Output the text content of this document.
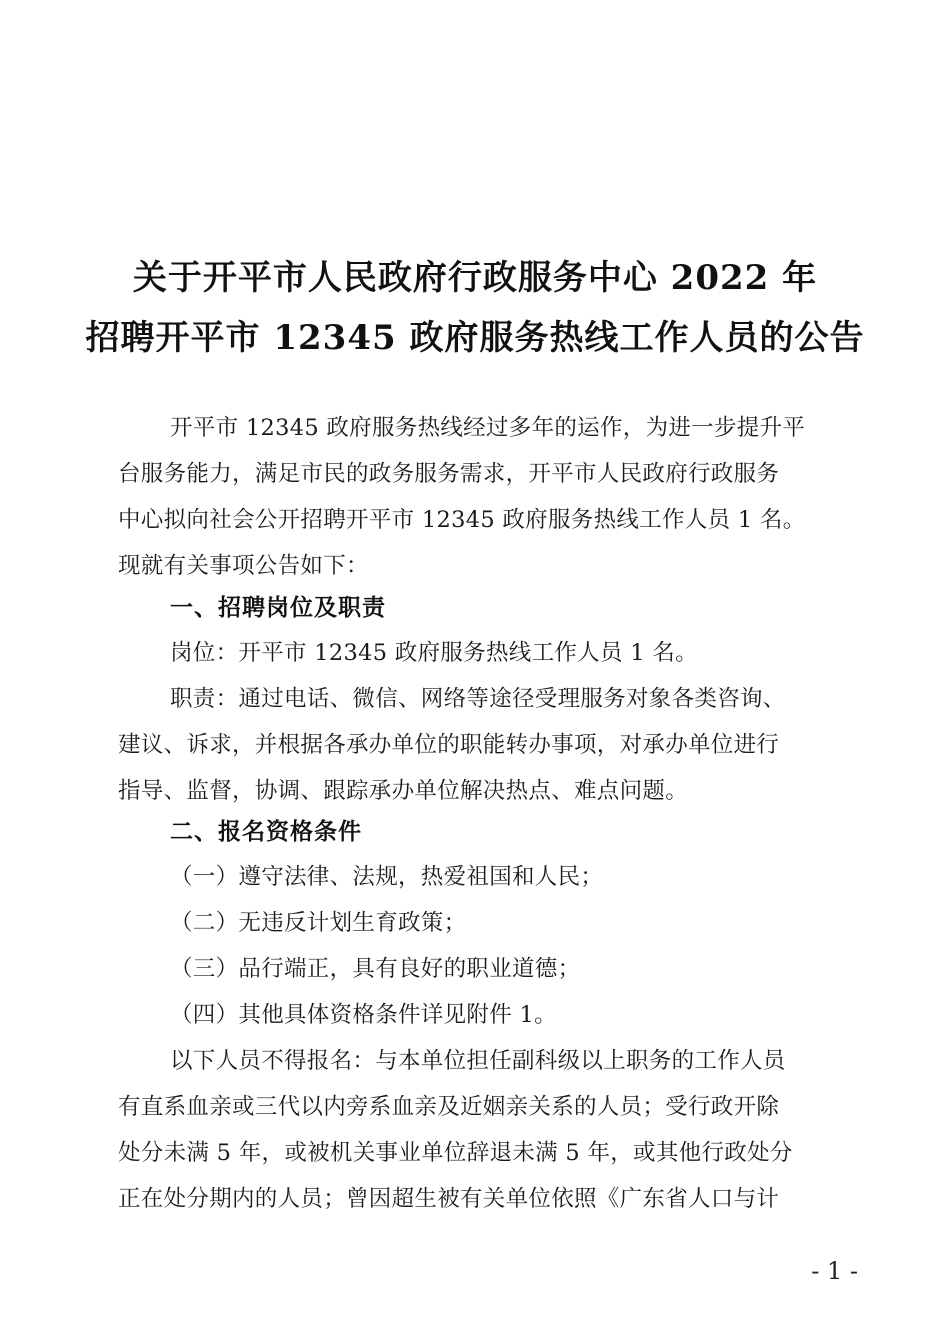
关于开平市人民政府行政服务中心 2022 年
招聘开平市 12345 政府服务热线工作人员的公告
开平市 12345 政府服务热线经过多年的运作，为进一步提升平
台服务能力，满足市民的政务服务需求，开平市人民政府行政服务
中心拟向社会公开招聘开平市 12345 政府服务热线工作人员 1 名。
现就有关事项公告如下：
一、招聘岗位及职责
岗位：开平市 12345 政府服务热线工作人员 1 名。
职责：通过电话、微信、网络等途径受理服务对象各类咨询、
建议、诉求，并根据各承办单位的职能转办事项，对承办单位进行
指导、监督，协调、跟踪承办单位解决热点、难点问题。
二、报名资格条件
（一）遵守法律、法规，热爱祖国和人民；
（二）无违反计划生育政策；
（三）品行端正，具有良好的职业道德；
（四）其他具体资格条件详见附件 1。
以下人员不得报名：与本单位担任副科级以上职务的工作人员
有直系血亲或三代以内旁系血亲及近姻亲关系的人员；受行政开除
处分未满 5 年，或被机关事业单位辞退未满 5 年，或其他行政处分
正在处分期内的人员；曾因超生被有关单位依照《广东省人口与计
- 1 -
